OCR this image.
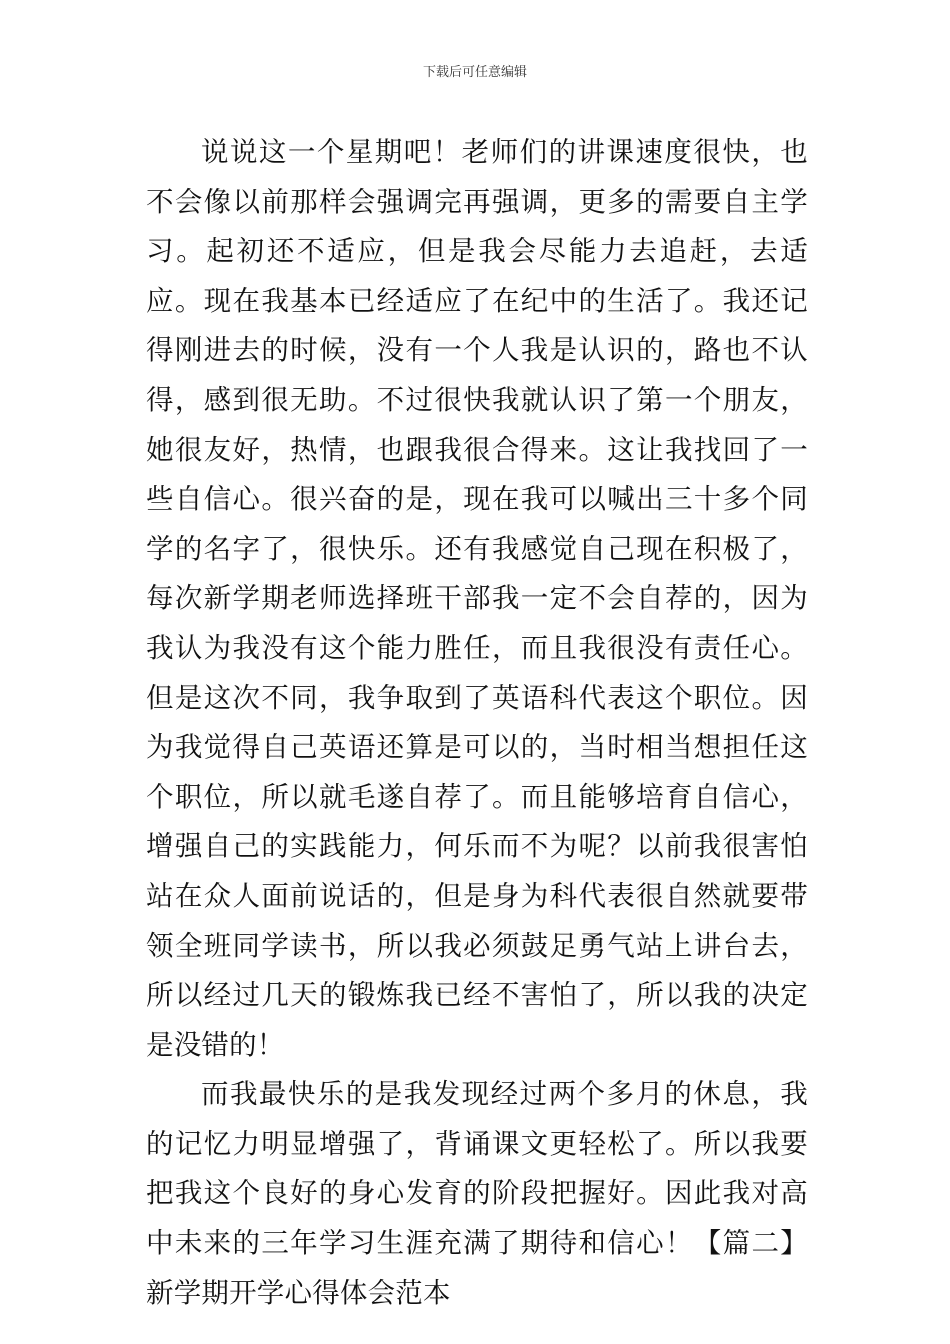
下载后可任意编辑

说说这一个星期吧！老师们的讲课速度很快，也不会像以前那样会强调完再强调，更多的需要自主学习。起初还不适应，但是我会尽能力去追赶，去适应。现在我基本已经适应了在纪中的生活了。我还记得刚进去的时候，没有一个人我是认识的，路也不认得，感到很无助。不过很快我就认识了第一个朋友，她很友好，热情，也跟我很合得来。这让我找回了一些自信心。很兴奋的是，现在我可以喊出三十多个同学的名字了，很快乐。还有我感觉自己现在积极了，每次新学期老师选择班干部我一定不会自荐的，因为我认为我没有这个能力胜任，而且我很没有责任心。但是这次不同，我争取到了英语科代表这个职位。因为我觉得自己英语还算是可以的，当时相当想担任这个职位，所以就毛遂自荐了。而且能够培育自信心，增强自己的实践能力，何乐而不为呢？以前我很害怕站在众人面前说话的，但是身为科代表很自然就要带领全班同学读书，所以我必须鼓足勇气站上讲台去，所以经过几天的锻炼我已经不害怕了，所以我的决定是没错的！

而我最快乐的是我发现经过两个多月的休息，我的记忆力明显增强了，背诵课文更轻松了。所以我要把我这个良好的身心发育的阶段把握好。因此我对高中未来的三年学习生涯充满了期待和信心！【篇二】新学期开学心得体会范本
